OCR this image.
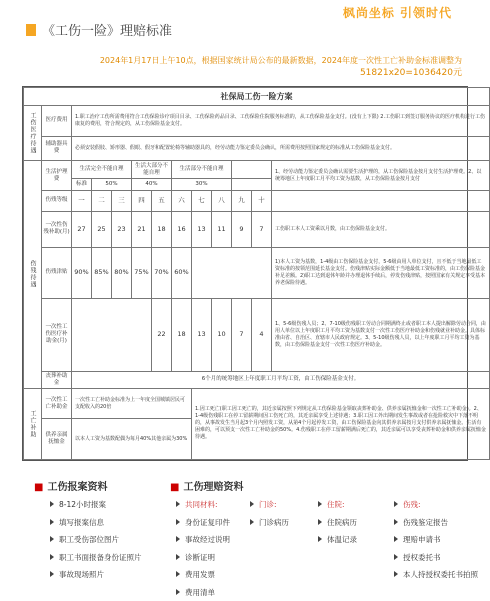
枫尚坐标 引领时代
《工伤一险》理赔标准
2024年1月17日上午10点，根据国家统计局公布的最新数据，2024年度一次性工亡补助金标准调整为
51821x20=1036420元
社保局工伤一险方案												
工伤医疗待遇	医疗费用	1.职工治疗工伤所需费用符合工伤保险诊疗项目目录、工伤保险药品目录、工伤保险住院服务标准的，从工伤保险基金支付。(没有上下限) 2.工伤职工到签订服务协议的医疗机构进行工伤康复的费用，符合规定的，从工伤保险基金支付。										
	辅助器具费	必须安装假肢、矫形器、假眼、假牙和配置轮椅等辅助器具的，经劳动能力鉴定委员会确认，所需费用按照国家规定的标准从工伤保险基金支付。										
伤残待遇	生活护理费	生活完全不能自理			生活大部分不能自理		生活部分不能自理					1、经劳动能力鉴定委员会确认需要生活护理的，从工伤保险基金按月支付生活护理费。2、以统筹地区上年度职工月平均工资为基数，从工伤保险基金按月支付
		标准	50%		40%		30%					
	伤残等级	一	二	三	四	五	六	七	八	九	十	
	一次性伤残补助(月)	27	25	23	21	18	16	13	11	9	7	工伤职工本人工资乘以月数，由工伤保险基金支付。
	伤残津贴	90%	85%	80%	75%	70%	60%					1)本人工资为基数，1-4级由工伤保险基金支付，5-6级由用人单位支付，且不低于当地最低工资标准的按领范围延长基金支付。伤残津贴实际金额低于当地最低工资标准的，由工伤保险基金补足差额。2)职工达到退休年龄并办理退休手续后，停发伤残津贴，按照国家有关规定享受基本养老保险待遇。
	一次性工伤医疗补助金(月)					22	18	13	10	7	4	1、5-6级伤残人员；2、7-10级伤残职工劳动合同期满终止或者职工本人提出解除劳动合同，由用人单位以上年度职工月平均工资为基数支付一次性工伤医疗补助金和伤残就业补助金。具体标准由省、自治区、直辖市人民政府规定。3、5-10级伤残人员，以上年度职工月平均工资为基数，由工伤保险基金支付一次性工伤医疗补助金。
	丧葬补助金	6个月的统筹地区上年度职工月平均工资，由工伤保险基金支付。										
工亡补助	一次性工亡补助金	一次性工亡补助金标准为上一年度全国城镇居民可支配收入的20倍						1.因工死亡(职工因工死亡的，其近亲属按照下列规定从工伤保险基金领取丧葬补助金、供养亲属抚恤金和一次性工亡补助金)。2、1-4级伤残职工在停工留薪期间因工伤死亡的，其近亲属享受上述待遇；3.职工因工外出期间发生事故或者在抢险救灾中下落不明的，从事故发生当月起3个月内照发工资，从第4个月起停发工资，由工伤保险基金向其供养亲属按月支付供养亲属抚恤金。生活有困难的，可以预支一次性工亡补助金的50%。4.伤残职工在停工留薪期满后死亡的，其近亲属可以享受丧葬补助金和供养亲属抚恤金待遇。				
	供养亲属抚恤金	以本人工资为基数配偶为每月40%其他亲属为30%										
■ 工伤报案资料	■ 工伤理赔资料
8-12小时报案
填写报案信息
职工受伤部位图片
职工书面报备身份证照片
事故现场照片
共同材料:
身份证复印件
事故经过说明
诊断证明
费用发票
费用清单
门诊:
门诊病历
住院:
住院病历
体温记录
伤残:
伤残鉴定报告
理赔申请书
授权委托书
本人持授权委托书拍照
